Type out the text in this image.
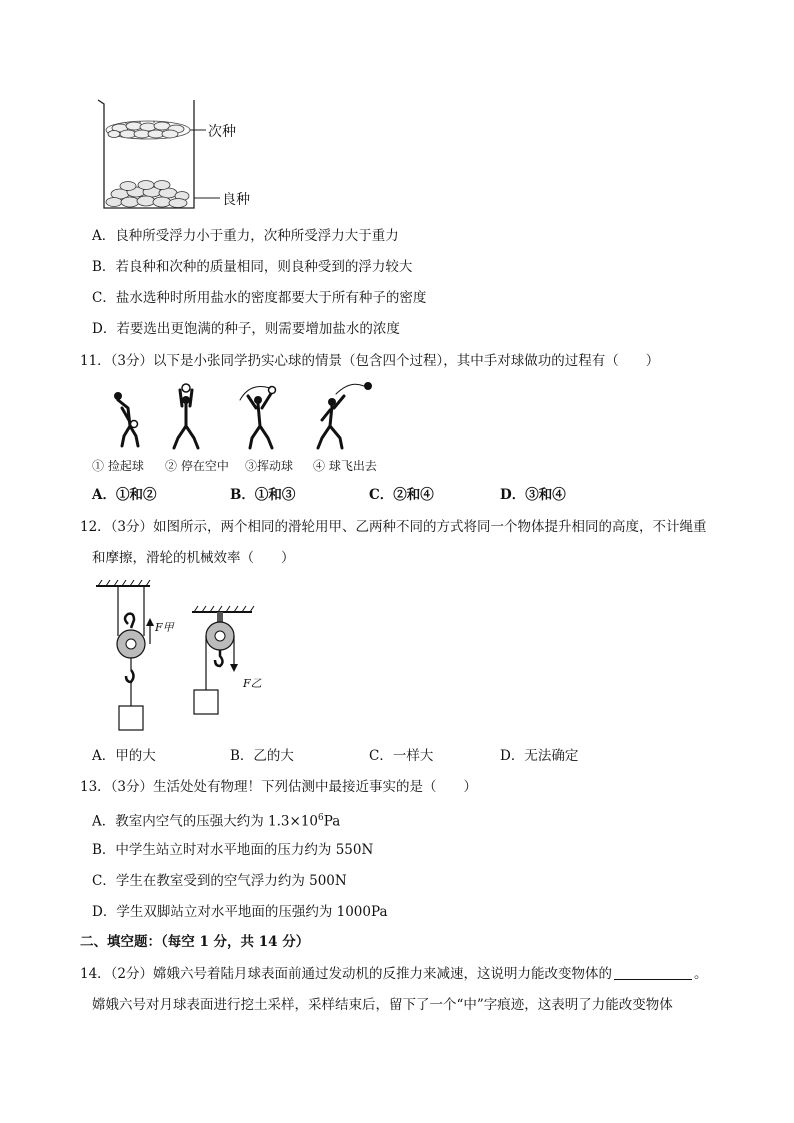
次种
良种
A．良种所受浮力小于重力，次种所受浮力大于重力
B．若良种和次种的质量相同，则良种受到的浮力较大
C．盐水选种时所用盐水的密度都要大于所有种子的密度
D．若要选出更饱满的种子，则需要增加盐水的浓度
11．（3分）以下是小张同学扔实心球的情景（包含四个过程），其中手对球做功的过程有（　　）
① 捡起球 ② 停在空中 ③挥动球 ④ 球飞出去
A．①和②	B．①和③	C．②和④	D．③和④
12．（3分）如图所示，两个相同的滑轮用甲、乙两种不同的方式将同一个物体提升相同的高度，不计绳重
和摩擦，滑轮的机械效率（　　）
F甲
F乙
A．甲的大	B．乙的大	C．一样大	D．无法确定
13．（3分）生活处处有物理！下列估测中最接近事实的是（　　）
A．教室内空气的压强大约为 $1.3\times 10^6Pa$
B．中学生站立时对水平地面的压力约为 550N
C．学生在教室受到的空气浮力约为 500N
D．学生双脚站立对水平地面的压强约为 1000Pa
二、填空题：（每空 1 分，共 14 分）
14．（2分）嫦娥六号着陆月球表面前通过发动机的反推力来减速，这说明力能改变物体的	。
嫦娥六号对月球表面进行挖土采样，采样结束后，留下了一个“中”字痕迹，这表明了力能改变物体
